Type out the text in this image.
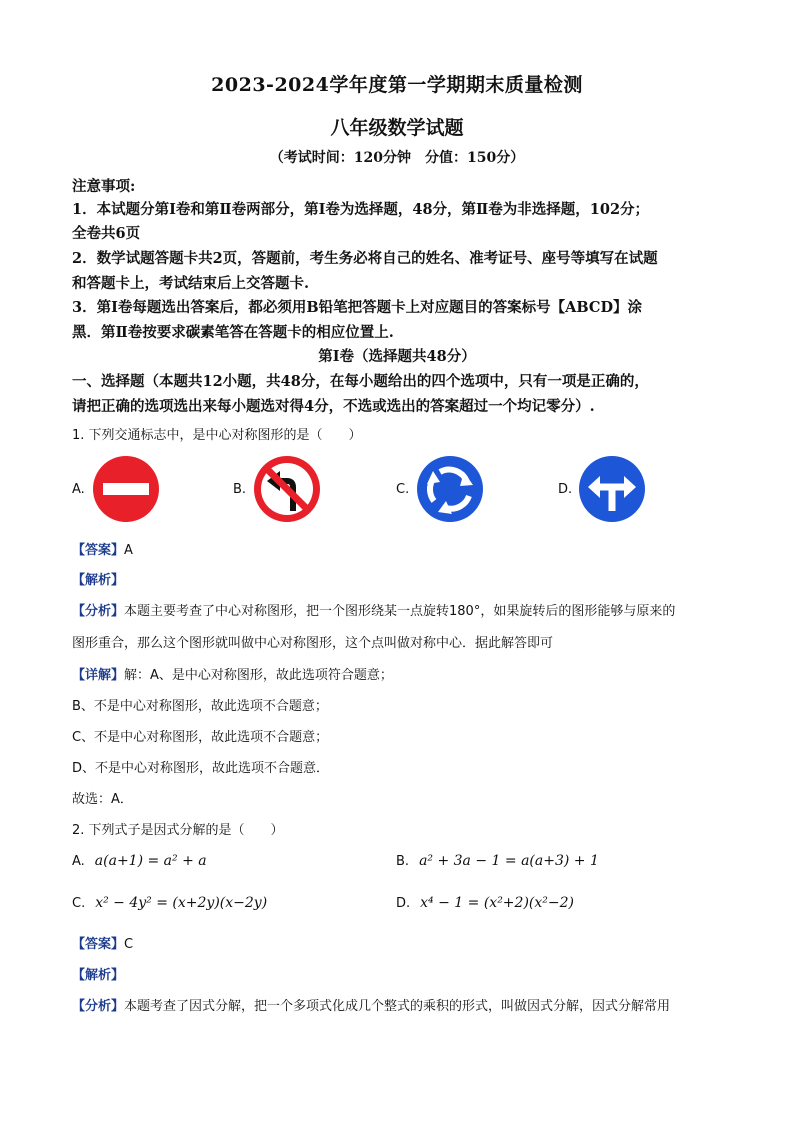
2023-2024学年度第一学期期末质量检测
八年级数学试题
（考试时间：120分钟　分值：150分）
注意事项:
1．本试题分第Ⅰ卷和第Ⅱ卷两部分，第Ⅰ卷为选择题，48分，第Ⅱ卷为非选择题，102分；
全卷共6页
2．数学试题答题卡共2页，答题前，考生务必将自己的姓名、准考证号、座号等填写在试题
和答题卡上，考试结束后上交答题卡.
3．第Ⅰ卷每题选出答案后，都必须用B铅笔把答题卡上对应题目的答案标号【ABCD】涂
黑．第Ⅱ卷按要求碳素笔答在答题卡的相应位置上.
第Ⅰ卷（选择题共48分）
一、选择题（本题共12小题，共48分，在每小题给出的四个选项中，只有一项是正确的，
请把正确的选项选出来每小题选对得4分，不选或选出的答案超过一个均记零分）.
1. 下列交通标志中，是中心对称图形的是（　　）
A.	B.	C.	D.
【答案】A
【解析】
【分析】本题主要考查了中心对称图形，把一个图形绕某一点旋转180°，如果旋转后的图形能够与原来的
图形重合，那么这个图形就叫做中心对称图形，这个点叫做对称中心．据此解答即可
【详解】解：A、是中心对称图形，故此选项符合题意；
B、不是中心对称图形，故此选项不合题意；
C、不是中心对称图形，故此选项不合题意；
D、不是中心对称图形，故此选项不合题意．
故选：A．
2. 下列式子是因式分解的是（　　）
A. a(a+1) = a² + a	B. a² + 3a − 1 = a(a+3) + 1
C. x² − 4y² = (x+2y)(x−2y)	D. x⁴ − 1 = (x²+2)(x²−2)
【答案】C
【解析】
【分析】本题考查了因式分解，把一个多项式化成几个整式的乘积的形式，叫做因式分解，因式分解常用
